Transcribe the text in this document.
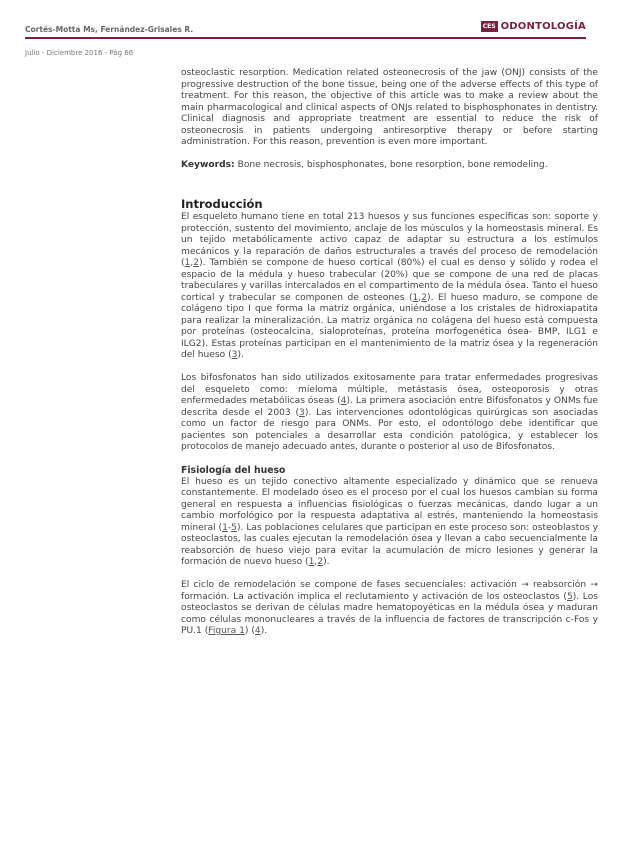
Cortés-Motta Ms, Fernández-Grisales R.	CES ODONTOLOGÍA
Julio - Diciembre 2016 - Pág 66

osteoclastic resorption. Medication related osteonecrosis of the jaw (ONJ) consists of the progressive destruction of the bone tissue, being one of the adverse effects of this type of treatment. For this reason, the objective of this article was to make a review about the main pharmacological and clinical aspects of ONJs related to bisphosphonates in dentistry. Clinical diagnosis and appropriate treatment are essential to reduce the risk of osteonecrosis in patients undergoing antiresorptive therapy or before starting administration. For this reason, prevention is even more important.

Keywords: Bone necrosis, bisphosphonates, bone resorption, bone remodeling.

Introducción

El esqueleto humano tiene en total 213 huesos y sus funciones específicas son: soporte y protección, sustento del movimiento, anclaje de los músculos y la homeostasis mineral. Es un tejido metabólicamente activo capaz de adaptar su estructura a los estímulos mecánicos y la reparación de daños estructurales a través del proceso de remodelación (1,2). También se compone de hueso cortical (80%) el cual es denso y sólido y rodea el espacio de la médula y hueso trabecular (20%) que se compone de una red de placas trabeculares y varillas intercalados en el compartimento de la médula ósea. Tanto el hueso cortical y trabecular se componen de osteones (1,2). El hueso maduro, se compone de colágeno tipo I que forma la matriz orgánica, uniéndose a los cristales de hidroxiapatita para realizar la mineralización. La matriz orgánica no colágena del hueso está compuesta por proteínas (osteocalcina, sialoproteínas, proteína morfogenética ósea- BMP, ILG1 e ILG2). Estas proteínas participan en el mantenimiento de la matriz ósea y la regeneración del hueso (3).

Los bifosfonatos han sido utilizados exitosamente para tratar enfermedades progresivas del esqueleto como: mieloma múltiple, metástasis ósea, osteoporosis y otras enfermedades metabólicas óseas (4). La primera asociación entre Bifosfonatos y ONMs fue descrita desde el 2003 (3). Las intervenciones odontológicas quirúrgicas son asociadas como un factor de riesgo para ONMs. Por esto, el odontólogo debe identificar que pacientes son potenciales a desarrollar esta condición patológica, y establecer los protocolos de manejo adecuado antes, durante o posterior al uso de Bifosfonatos.

Fisiología del hueso

El hueso es un tejido conectivo altamente especializado y dinámico que se renueva constantemente. El modelado óseo es el proceso por el cual los huesos cambian su forma general en respuesta a influencias fisiológicas o fuerzas mecánicas, dando lugar a un cambio morfológico por la respuesta adaptativa al estrés, manteniendo la homeostasis mineral (1-5). Las poblaciones celulares que participan en este proceso son: osteoblastos y osteoclastos, las cuales ejecutan la remodelación ósea y llevan a cabo secuencialmente la reabsorción de hueso viejo para evitar la acumulación de micro lesiones y generar la formación de nuevo hueso (1,2).

El ciclo de remodelación se compone de fases secuenciales: activación → reabsorción → formación. La activación implica el reclutamiento y activación de los osteoclastos (5). Los osteoclastos se derivan de células madre hematopoyéticas en la médula ósea y maduran como células mononucleares a través de la influencia de factores de transcripción c-Fos y PU.1 (Figura 1) (4).
